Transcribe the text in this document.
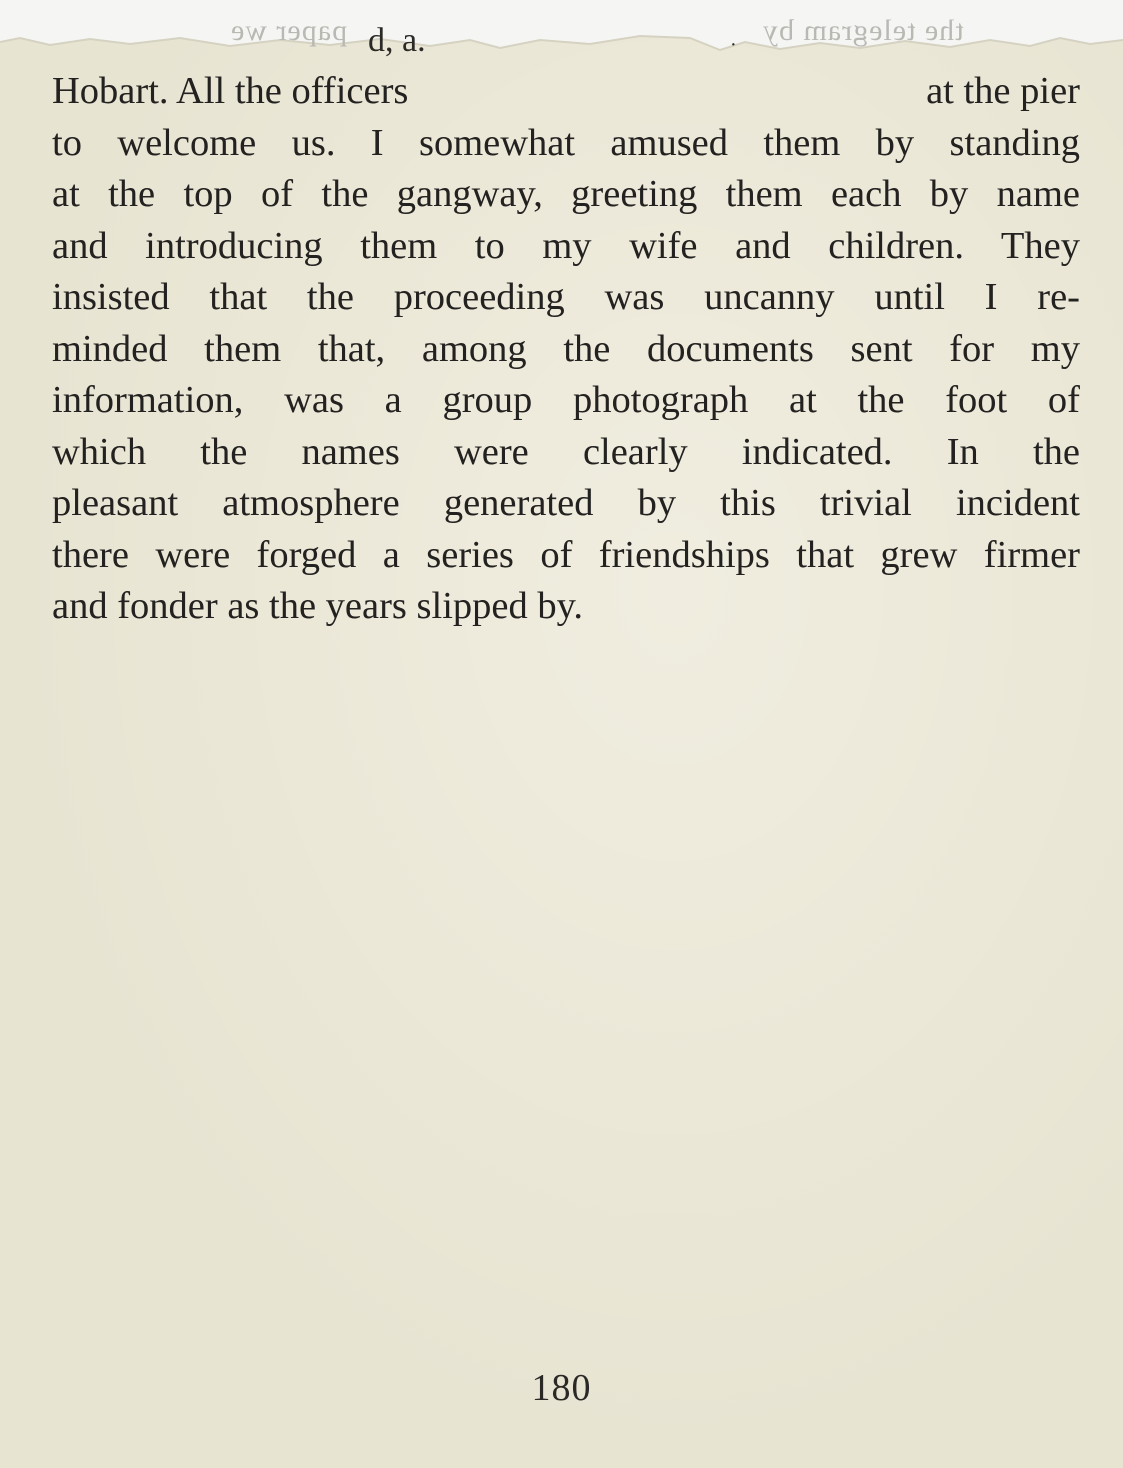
paper we	the telegram by
d, a.	·
Hobart. All the officers	at the pier
to welcome us. I somewhat amused them by standing
at the top of the gangway, greeting them each by name
and introducing them to my wife and children. They
insisted that the proceeding was uncanny until I re-
minded them that, among the documents sent for my
information, was a group photograph at the foot of
which the names were clearly indicated. In the
pleasant atmosphere generated by this trivial incident
there were forged a series of friendships that grew firmer
and fonder as the years slipped by.
180
